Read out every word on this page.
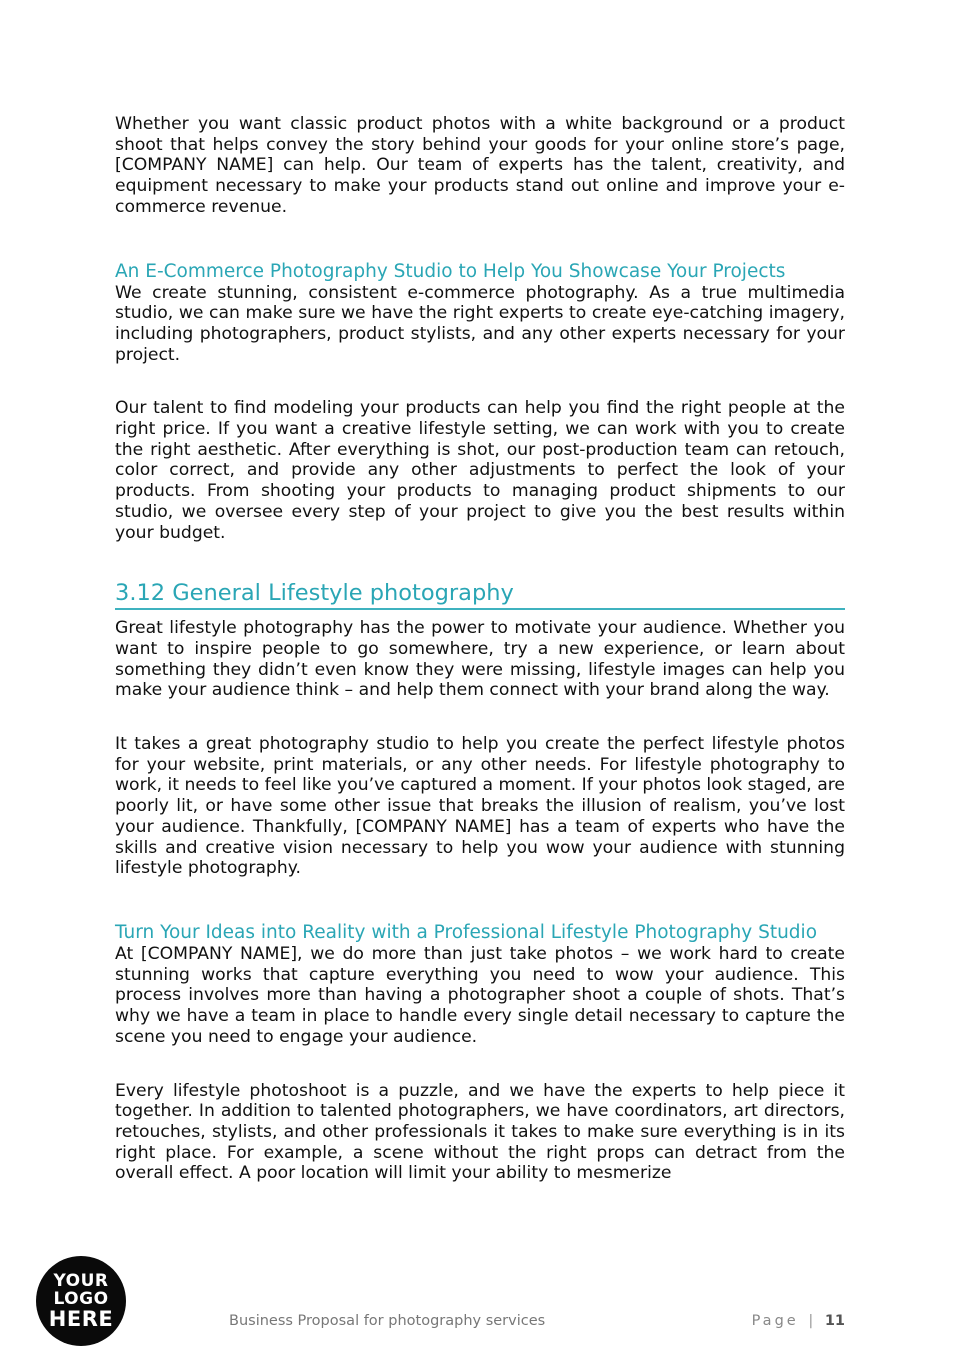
Whether you want classic product photos with a white background or a product shoot that helps convey the story behind your goods for your online store’s page, [COMPANY NAME] can help. Our team of experts has the talent, creativity, and equipment necessary to make your products stand out online and improve your e-commerce revenue.

An E-Commerce Photography Studio to Help You Showcase Your Projects

We create stunning, consistent e-commerce photography. As a true multimedia studio, we can make sure we have the right experts to create eye-catching imagery, including photographers, product stylists, and any other experts necessary for your project.

Our talent to find modeling your products can help you find the right people at the right price. If you want a creative lifestyle setting, we can work with you to create the right aesthetic. After everything is shot, our post-production team can retouch, color correct, and provide any other adjustments to perfect the look of your products. From shooting your products to managing product shipments to our studio, we oversee every step of your project to give you the best results within your budget.

3.12 General Lifestyle photography

Great lifestyle photography has the power to motivate your audience. Whether you want to inspire people to go somewhere, try a new experience, or learn about something they didn’t even know they were missing, lifestyle images can help you make your audience think – and help them connect with your brand along the way.

It takes a great photography studio to help you create the perfect lifestyle photos for your website, print materials, or any other needs. For lifestyle photography to work, it needs to feel like you’ve captured a moment. If your photos look staged, are poorly lit, or have some other issue that breaks the illusion of realism, you’ve lost your audience. Thankfully, [COMPANY NAME] has a team of experts who have the skills and creative vision necessary to help you wow your audience with stunning lifestyle photography.

Turn Your Ideas into Reality with a Professional Lifestyle Photography Studio

At [COMPANY NAME], we do more than just take photos – we work hard to create stunning works that capture everything you need to wow your audience. This process involves more than having a photographer shoot a couple of shots. That’s why we have a team in place to handle every single detail necessary to capture the scene you need to engage your audience.

Every lifestyle photoshoot is a puzzle, and we have the experts to help piece it together. In addition to talented photographers, we have coordinators, art directors, retouches, stylists, and other professionals it takes to make sure everything is in its right place. For example, a scene without the right props can detract from the overall effect. A poor location will limit your ability to mesmerize

YOUR
LOGO
HERE	Business Proposal for photography services	Page | 11
